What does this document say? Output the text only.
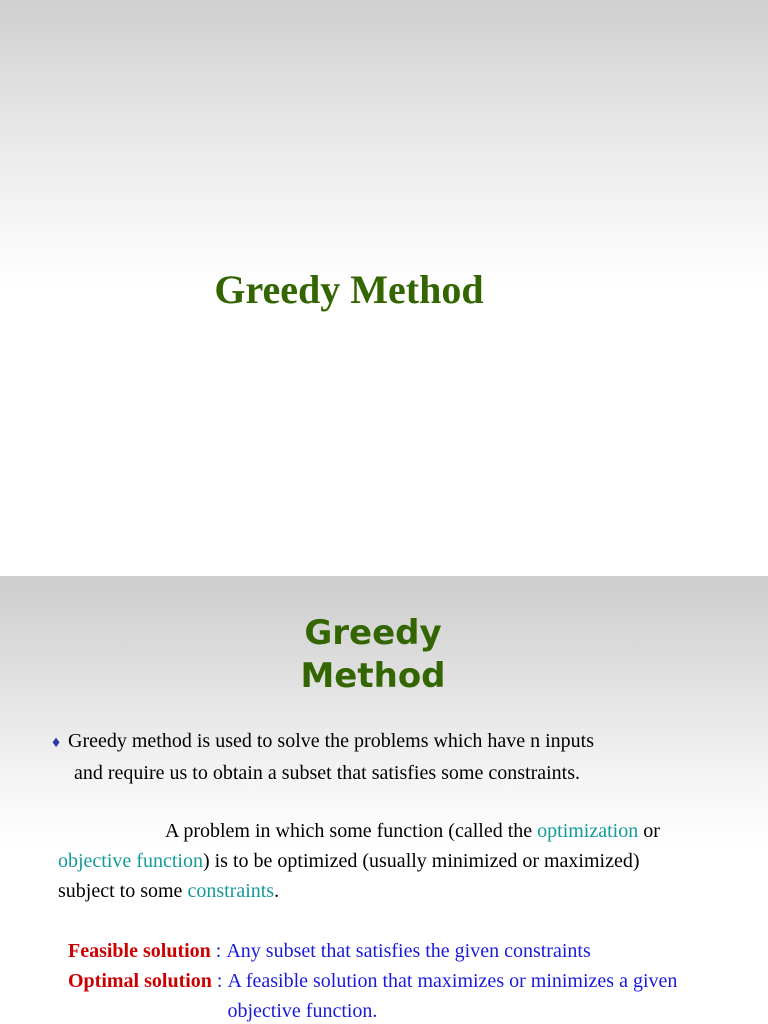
Greedy Method
Greedy
Method
♦ Greedy method is used to solve the problems which have n inputs
and require us to obtain a subset that satisfies some constraints.
A problem in which some function (called the optimization or
objective function) is to be optimized (usually minimized or maximized)
subject to some constraints.
Feasible solution : Any subset that satisfies the given constraints
Optimal solution : A feasible solution that maximizes or minimizes a given objective function.
